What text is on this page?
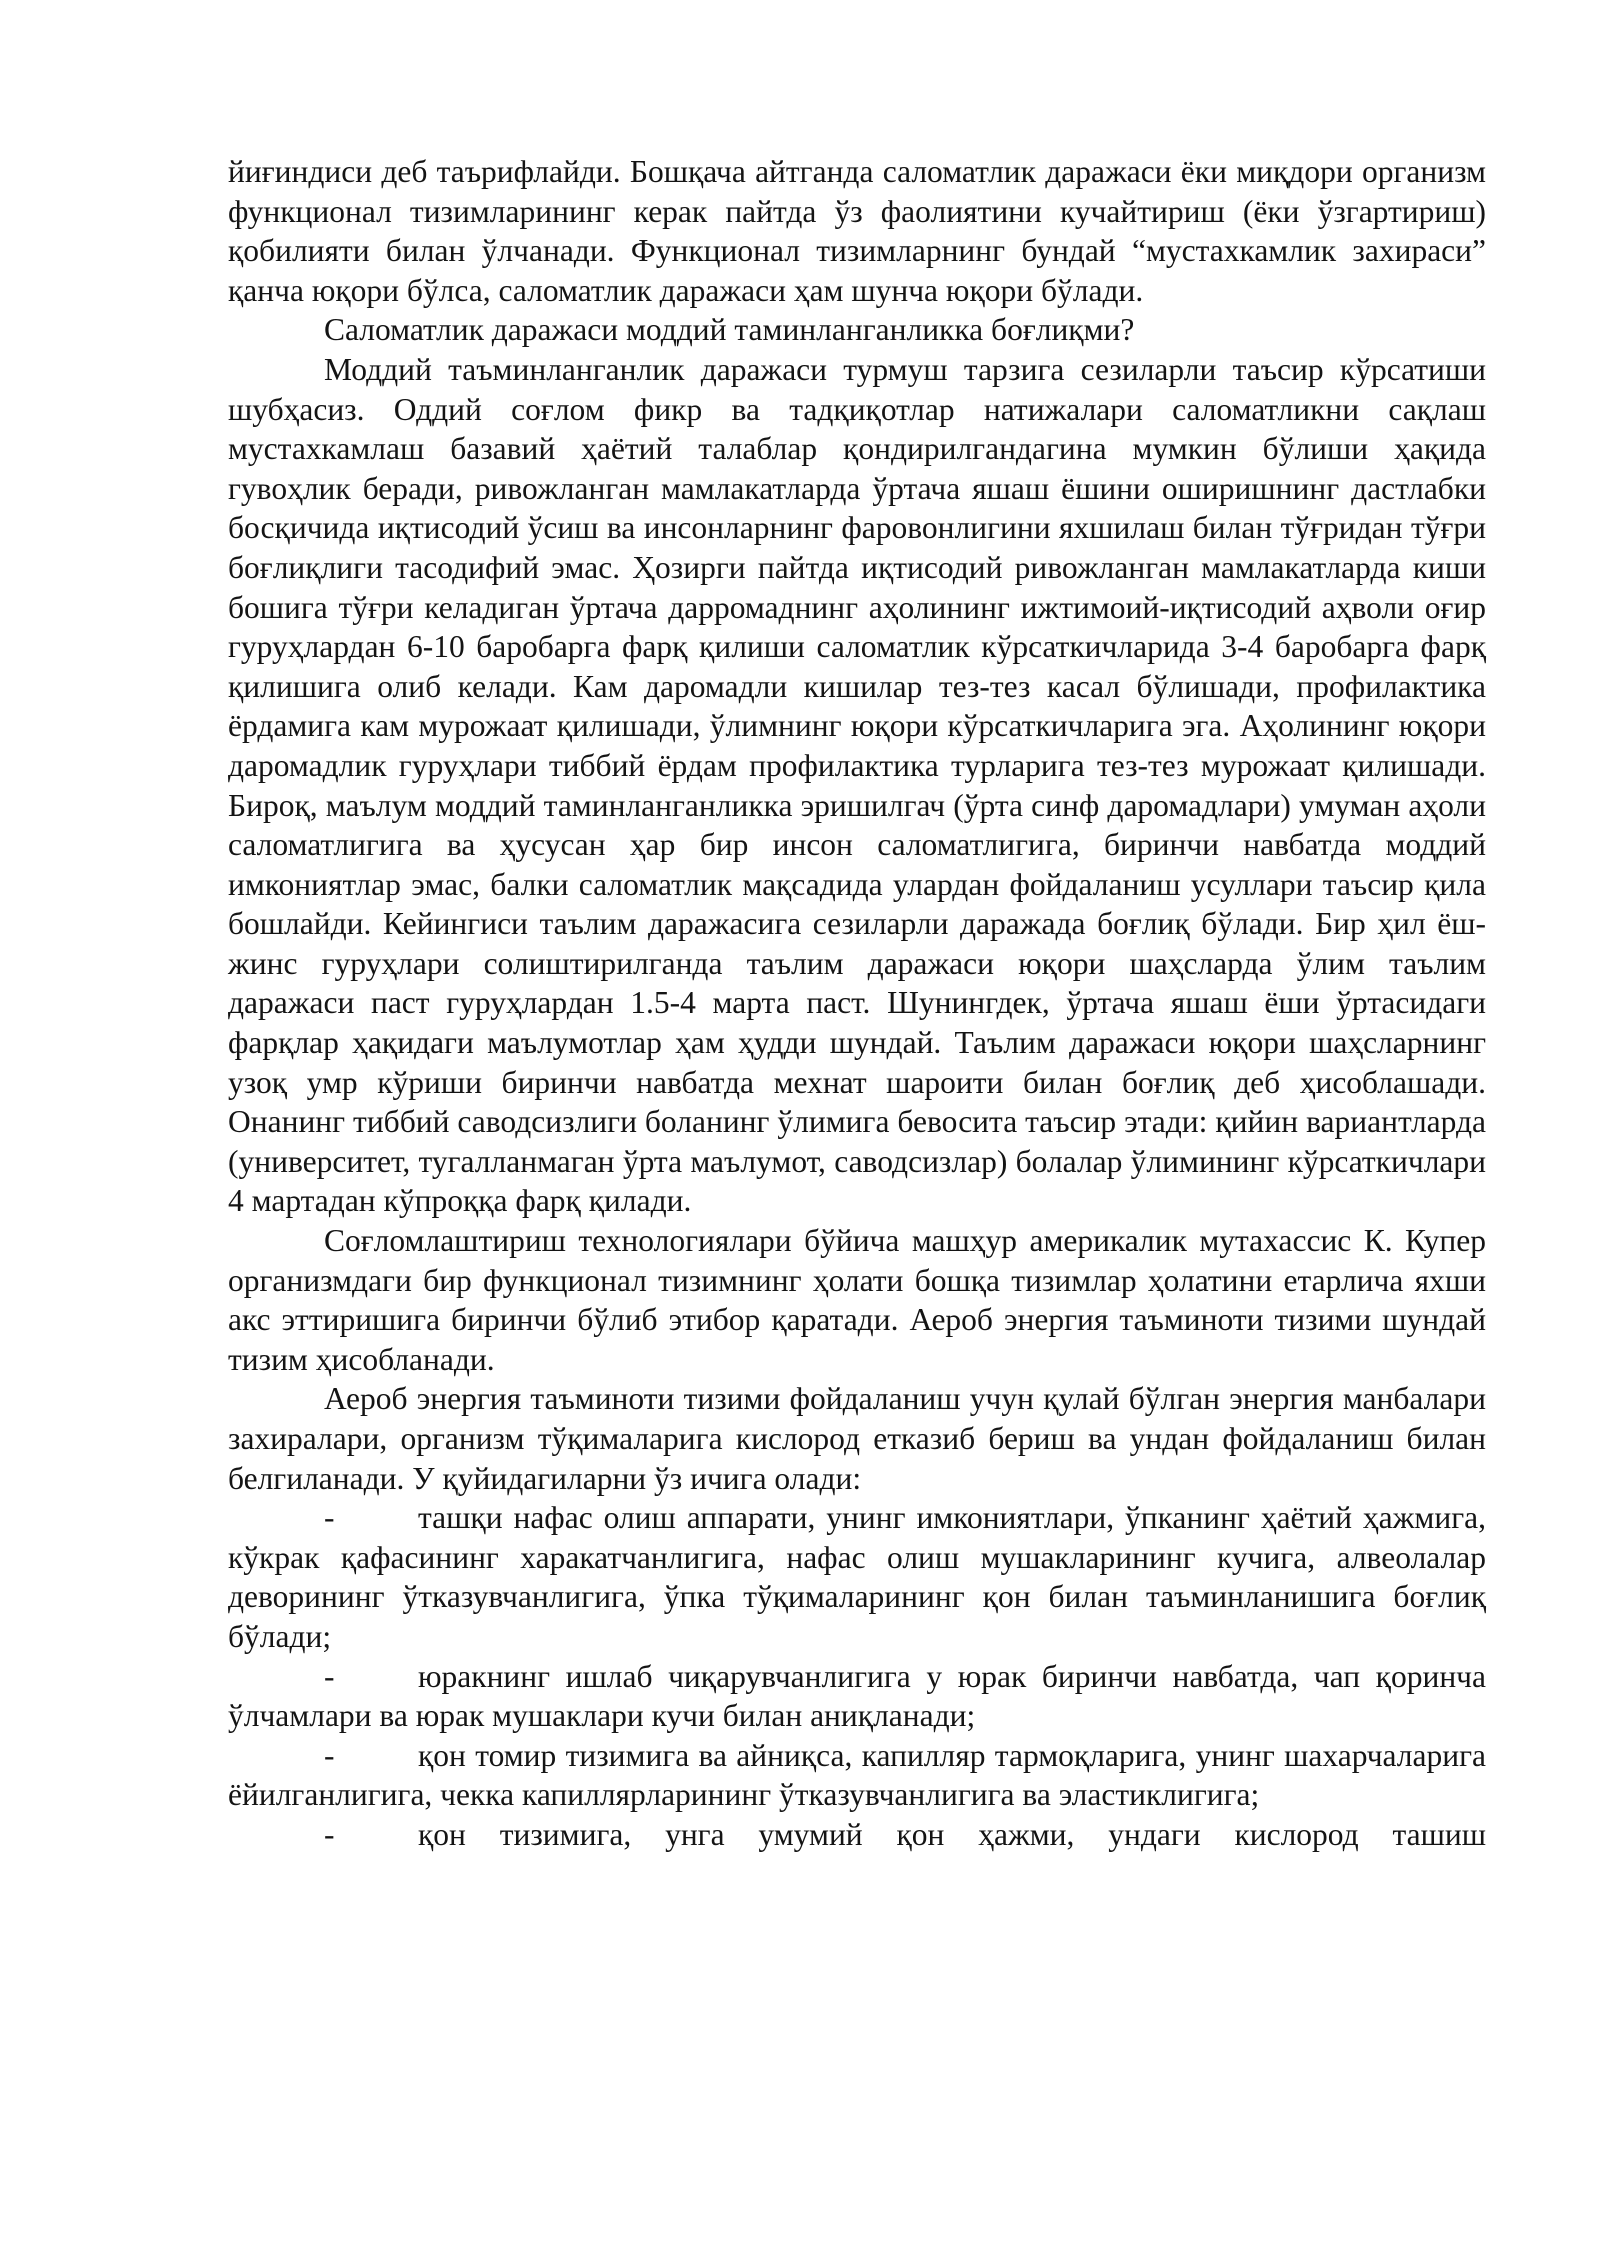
йиғиндиси деб таърифлайди. Бошқача айтганда саломатлик даражаси ёки миқдори организм функционал тизимларининг керак пайтда ўз фаолиятини кучайтириш (ёки ўзгартириш) қобилияти билан ўлчанади. Функционал тизимларнинг бундай “мустахкамлик захираси” қанча юқори бўлса, саломатлик даражаси ҳам шунча юқори бўлади.

Саломатлик даражаси моддий таминланганликка боғлиқми?

Моддий таъминланганлик даражаси турмуш тарзига сезиларли таъсир кўрсатиши шубҳасиз. Оддий соғлом фикр ва тадқиқотлар натижалари саломатликни сақлаш мустахкамлаш базавий ҳаётий талаблар қондирилгандагина мумкин бўлиши ҳақида гувоҳлик беради, ривожланган мамлакатларда ўртача яшаш ёшини оширишнинг дастлабки босқичида иқтисодий ўсиш ва инсонларнинг фаровонлигини яхшилаш билан тўғридан тўғри боғлиқлиги тасодифий эмас. Ҳозирги пайтда иқтисодий ривожланган мамлакатларда киши бошига тўғри келадиган ўртача дарромаднинг аҳолининг ижтимоий-иқтисодий аҳволи оғир гуруҳлардан 6-10 баробарга фарқ қилиши саломатлик кўрсаткичларида 3-4 баробарга фарқ қилишига олиб келади. Кам даромадли кишилар тез-тез касал бўлишади, профилактика ёрдамига кам мурожаат қилишади, ўлимнинг юқори кўрсаткичларига эга. Аҳолининг юқори даромадлик гуруҳлари тиббий ёрдам профилактика турларига тез-тез мурожаат қилишади. Бироқ, маълум моддий таминланганликка эришилгач (ўрта синф даромадлари) умуман аҳоли саломатлигига ва ҳусусан ҳар бир инсон саломатлигига, биринчи навбатда моддий имкониятлар эмас, балки саломатлик мақсадида улардан фойдаланиш усуллари таъсир қила бошлайди. Кейингиси таълим даражасига сезиларли даражада боғлиқ бўлади. Бир ҳил ёш-жинс гуруҳлари солиштирилганда таълим даражаси юқори шаҳсларда ўлим таълим даражаси паст гуруҳлардан 1.5-4 марта паст. Шунингдек, ўртача яшаш ёши ўртасидаги фарқлар ҳақидаги маълумотлар ҳам ҳудди шундай. Таълим даражаси юқори шаҳсларнинг узоқ умр кўриши биринчи навбатда мехнат шароити билан боғлиқ деб ҳисоблашади. Онанинг тиббий саводсизлиги боланинг ўлимига бевосита таъсир этади: қийин вариантларда (университет, тугалланмаган ўрта маълумот, саводсизлар) болалар ўлимининг кўрсаткичлари 4 мартадан кўпроққа фарқ қилади.

Соғломлаштириш технологиялари бўйича машҳур америкалик мутахассис К. Купер организмдаги бир функционал тизимнинг ҳолати бошқа тизимлар ҳолатини етарлича яхши акс эттиришига биринчи бўлиб этибор қаратади. Аероб энергия таъминоти тизими шундай тизим ҳисобланади.

Аероб энергия таъминоти тизими фойдаланиш учун қулай бўлган энергия манбалари захиралари, организм тўқималарига кислород етказиб бериш ва ундан фойдаланиш билан белгиланади. У қуйидагиларни ўз ичига олади:

-	ташқи нафас олиш аппарати, унинг имкониятлари, ўпканинг ҳаётий ҳажмига, кўкрак қафасининг харакатчанлигига, нафас олиш мушакларининг кучига, алвеолалар деворининг ўтказувчанлигига, ўпка тўқималарининг қон билан таъминланишига боғлиқ бўлади;

-	юракнинг ишлаб чиқарувчанлигига у юрак биринчи навбатда, чап қоринча ўлчамлари ва юрак мушаклари кучи билан аниқланади;

-	қон томир тизимига ва айниқса, капилляр тармоқларига, унинг шахарчаларига ёйилганлигига, чекка капиллярларининг ўтказувчанлигига ва эластиклигига;

-	қон тизимига, унга умумий қон ҳажми, ундаги кислород ташиш
